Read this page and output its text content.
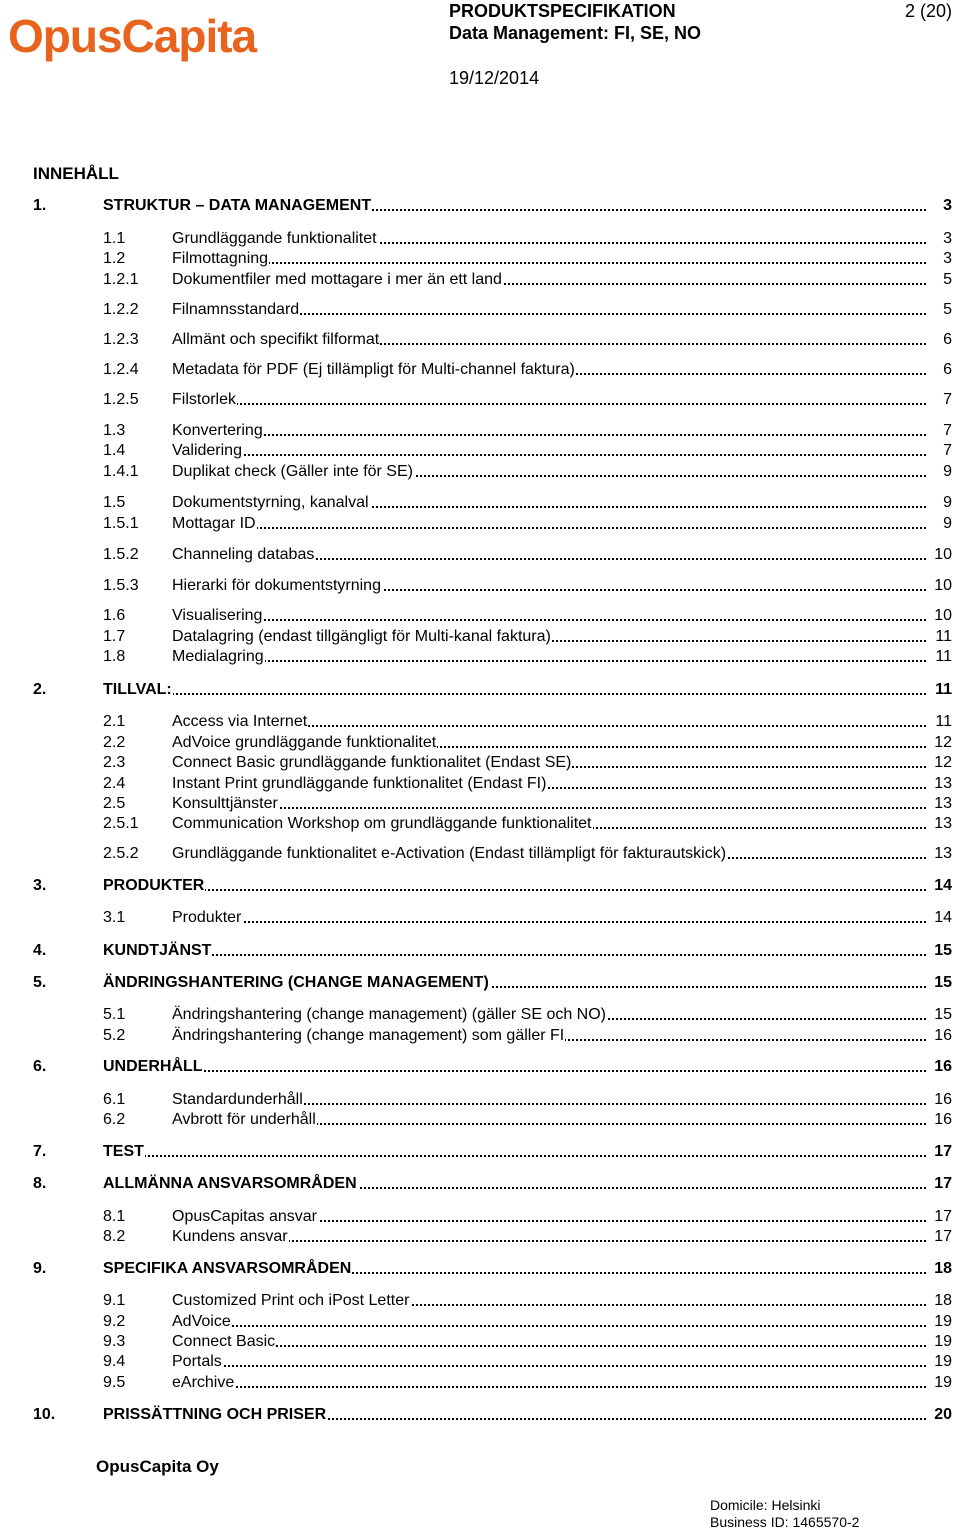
OpusCapita	PRODUKTSPECIFIKATION
Data Management: FI, SE, NO
2 (20)
19/12/2014
INNEHÅLL
1.	STRUKTUR – DATA MANAGEMENT	3
1.1	Grundläggande funktionalitet	3
1.2	Filmottagning	3
1.2.1 Dokumentfiler med mottagare i mer än ett land	5
1.2.2 Filnamnsstandard	5
1.2.3 Allmänt och specifikt filformat	6
1.2.4 Metadata för PDF (Ej tillämpligt för Multi-channel faktura)	6
1.2.5 Filstorlek	7
1.3	Konvertering	7
1.4	Validering	7
1.4.1 Duplikat check (Gäller inte för SE)	9
1.5	Dokumentstyrning, kanalval	9
1.5.1 Mottagar ID	9
1.5.2 Channeling databas	10
1.5.3 Hierarki för dokumentstyrning	10
1.6	Visualisering	10
1.7	Datalagring (endast tillgängligt för Multi-kanal faktura)	11
1.8	Medialagring	11
2.	TILLVAL:	11
2.1	Access via Internet	11
2.2	AdVoice grundläggande funktionalitet	12
2.3	Connect Basic grundläggande funktionalitet (Endast SE)	12
2.4	Instant Print grundläggande funktionalitet (Endast FI)	13
2.5	Konsulttjänster	13
2.5.1 Communication Workshop om grundläggande funktionalitet	13
2.5.2 Grundläggande funktionalitet e-Activation (Endast tillämpligt för fakturautskick)	13
3.	PRODUKTER	14
3.1	Produkter	14
4.	KUNDTJÄNST	15
5.	ÄNDRINGSHANTERING (CHANGE MANAGEMENT)	15
5.1	Ändringshantering (change management) (gäller SE och NO)	15
5.2	Ändringshantering (change management) som gäller FI	16
6.	UNDERHÅLL	16
6.1	Standardunderhåll	16
6.2	Avbrott för underhåll	16
7.	TEST	17
8.	ALLMÄNNA ANSVARSOMRÅDEN	17
8.1	OpusCapitas ansvar	17
8.2	Kundens ansvar	17
9.	SPECIFIKA ANSVARSOMRÅDEN	18
9.1	Customized Print och iPost Letter	18
9.2	AdVoice	19
9.3	Connect Basic	19
9.4	Portals	19
9.5	eArchive	19
10.	PRISSÄTTNING OCH PRISER	20
OpusCapita Oy
Domicile: Helsinki
Business ID: 1465570-2
